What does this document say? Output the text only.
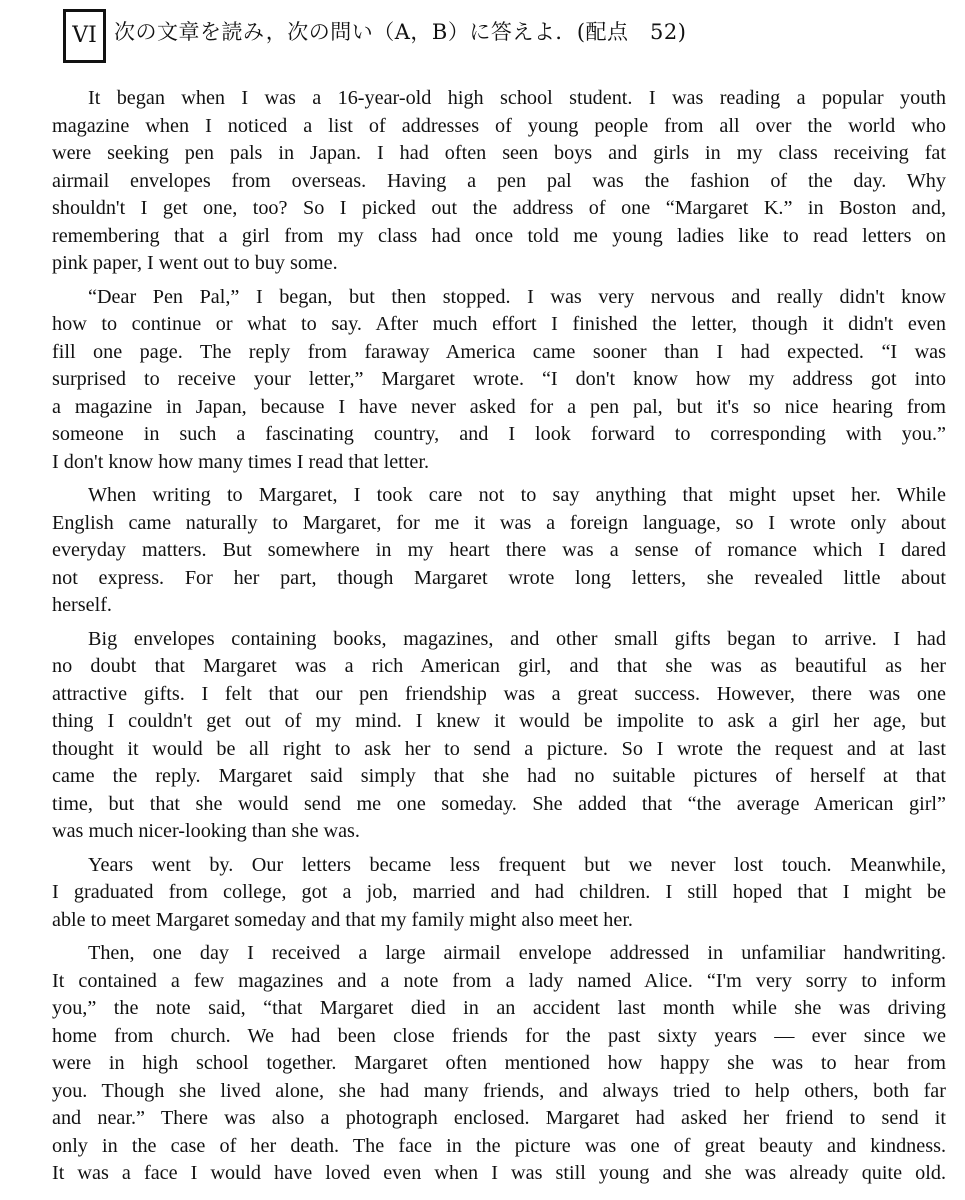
VI 次の文章を読み，次の問い（A，B）に答えよ．(配点　52)
It began when I was a 16-year-old high school student. I was reading a popular youth
magazine when I noticed a list of addresses of young people from all over the world who
were seeking pen pals in Japan. I had often seen boys and girls in my class receiving fat
airmail envelopes from overseas. Having a pen pal was the fashion of the day. Why
shouldn't I get one, too? So I picked out the address of one “Margaret K.” in Boston and,
remembering that a girl from my class had once told me young ladies like to read letters on
pink paper, I went out to buy some.
“Dear Pen Pal,” I began, but then stopped. I was very nervous and really didn't know
how to continue or what to say. After much effort I finished the letter, though it didn't even
fill one page. The reply from faraway America came sooner than I had expected. “I was
surprised to receive your letter,” Margaret wrote. “I don't know how my address got into
a magazine in Japan, because I have never asked for a pen pal, but it's so nice hearing from
someone in such a fascinating country, and I look forward to corresponding with you.”
I don't know how many times I read that letter.
When writing to Margaret, I took care not to say anything that might upset her. While
English came naturally to Margaret, for me it was a foreign language, so I wrote only about
everyday matters. But somewhere in my heart there was a sense of romance which I dared
not express. For her part, though Margaret wrote long letters, she revealed little about
herself.
Big envelopes containing books, magazines, and other small gifts began to arrive. I had
no doubt that Margaret was a rich American girl, and that she was as beautiful as her
attractive gifts. I felt that our pen friendship was a great success. However, there was one
thing I couldn't get out of my mind. I knew it would be impolite to ask a girl her age, but
thought it would be all right to ask her to send a picture. So I wrote the request and at last
came the reply. Margaret said simply that she had no suitable pictures of herself at that
time, but that she would send me one someday. She added that “the average American girl”
was much nicer-looking than she was.
Years went by. Our letters became less frequent but we never lost touch. Meanwhile,
I graduated from college, got a job, married and had children. I still hoped that I might be
able to meet Margaret someday and that my family might also meet her.
Then, one day I received a large airmail envelope addressed in unfamiliar handwriting.
It contained a few magazines and a note from a lady named Alice. “I'm very sorry to inform
you,” the note said, “that Margaret died in an accident last month while she was driving
home from church. We had been close friends for the past sixty years — ever since we
were in high school together. Margaret often mentioned how happy she was to hear from
you. Though she lived alone, she had many friends, and always tried to help others, both far
and near.” There was also a photograph enclosed. Margaret had asked her friend to send it
only in the case of her death. The face in the picture was one of great beauty and kindness.
It was a face I would have loved even when I was still young and she was already quite old.
